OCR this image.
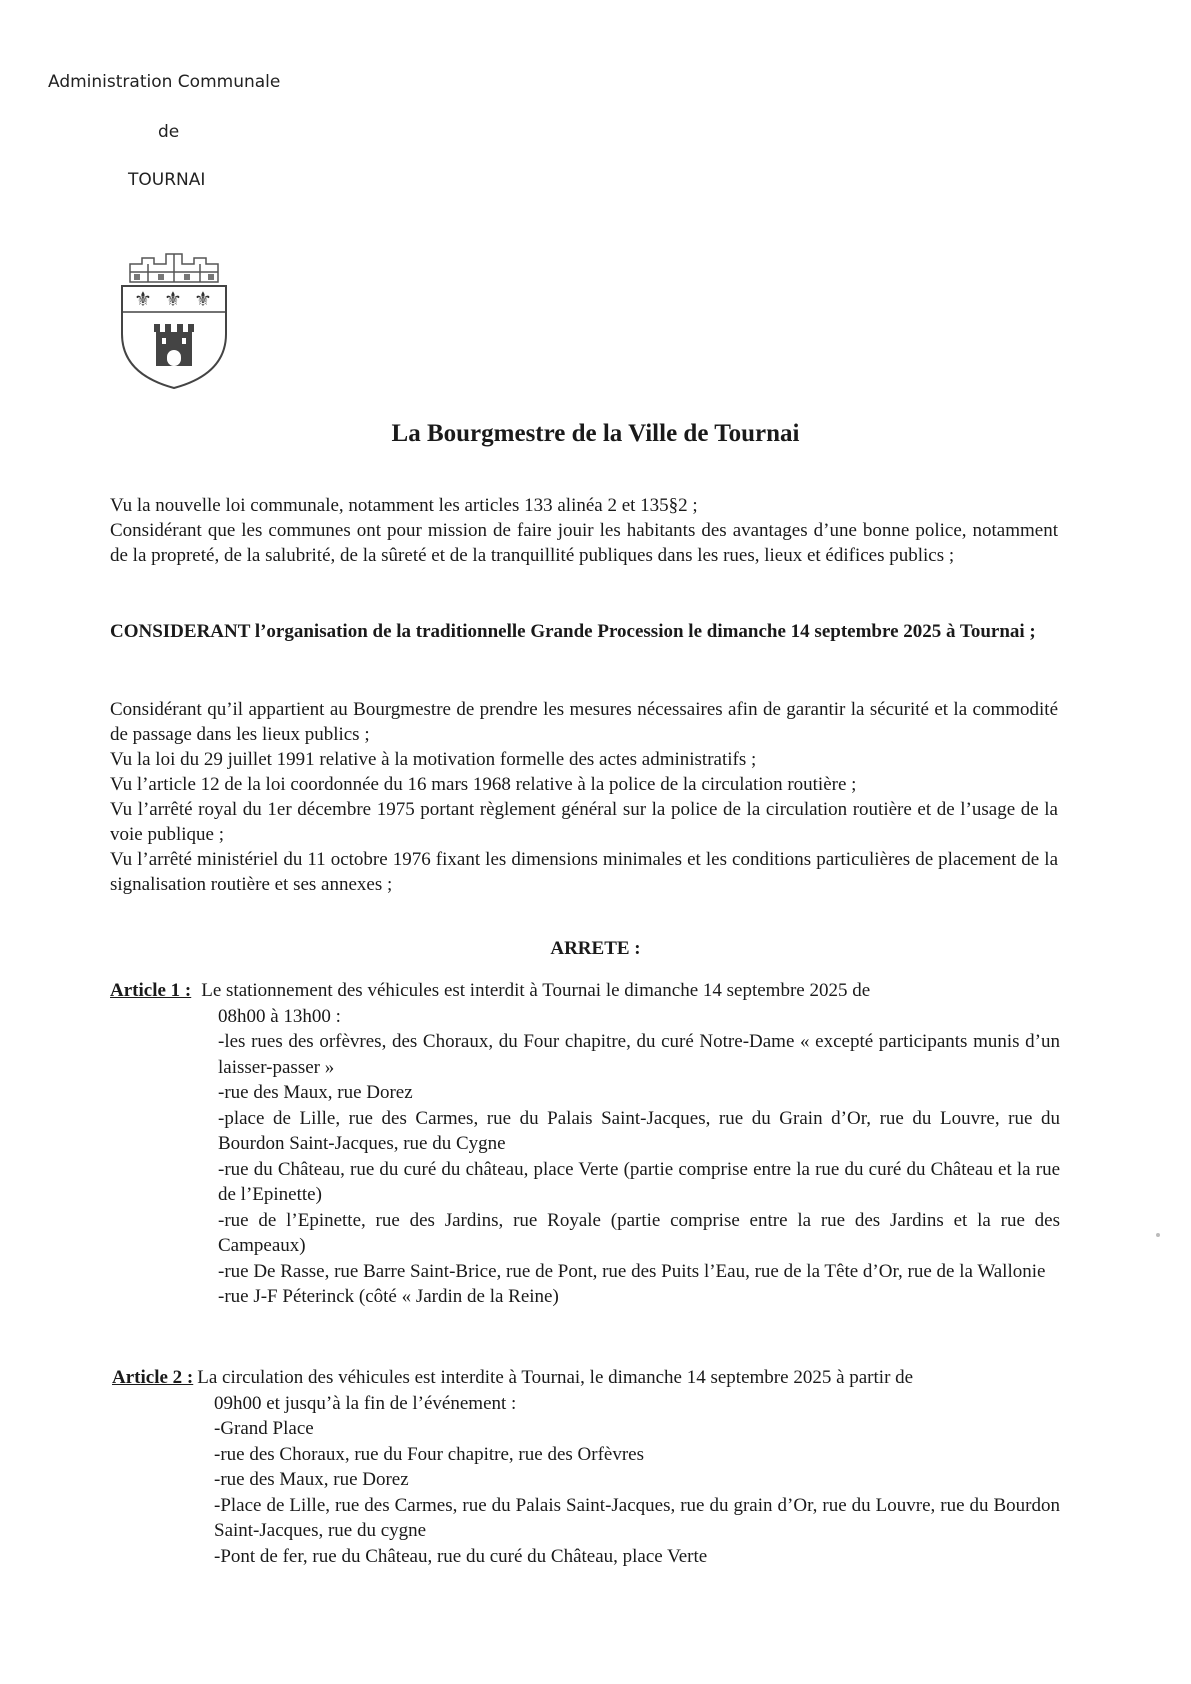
Administration Communale
de
TOURNAI
⚜ ⚜ ⚜
La Bourgmestre de la Ville de Tournai

Vu la nouvelle loi communale, notamment les articles 133 alinéa 2 et 135§2 ;

Considérant que les communes ont pour mission de faire jouir les habitants des avantages d’une bonne police, notamment de la propreté, de la salubrité, de la sûreté et de la tranquillité publiques dans les rues, lieux et édifices publics ;

CONSIDERANT l’organisation de la traditionnelle Grande Procession le dimanche 14 septembre 2025 à Tournai ;

Considérant qu’il appartient au Bourgmestre de prendre les mesures nécessaires afin de garantir la sécurité et la commodité de passage dans les lieux publics ;

Vu la loi du 29 juillet 1991 relative à la motivation formelle des actes administratifs ;

Vu l’article 12 de la loi coordonnée du 16 mars 1968 relative à la police de la circulation routière ;

Vu l’arrêté royal du 1er décembre 1975 portant règlement général sur la police de la circulation routière et de l’usage de la voie publique ;

Vu l’arrêté ministériel du 11 octobre 1976 fixant les dimensions minimales et les conditions particulières de placement de la signalisation routière et ses annexes ;

ARRETE :
Article 1 : Le stationnement des véhicules est interdit à Tournai le dimanche 14 septembre 2025 de
08h00 à 13h00 :

-les rues des orfèvres, des Choraux, du Four chapitre, du curé Notre-Dame « excepté participants munis d’un laisser-passer »

-rue des Maux, rue Dorez

-place de Lille, rue des Carmes, rue du Palais Saint-Jacques, rue du Grain d’Or, rue du Louvre, rue du Bourdon Saint-Jacques, rue du Cygne

-rue du Château, rue du curé du château, place Verte (partie comprise entre la rue du curé du Château et la rue de l’Epinette)

-rue de l’Epinette, rue des Jardins, rue Royale (partie comprise entre la rue des Jardins et la rue des Campeaux)

-rue De Rasse, rue Barre Saint-Brice, rue de Pont, rue des Puits l’Eau, rue de la Tête d’Or, rue de la Wallonie

-rue J-F Péterinck (côté « Jardin de la Reine)

Article 2 : La circulation des véhicules est interdite à Tournai, le dimanche 14 septembre 2025 à partir de
09h00 et jusqu’à la fin de l’événement :

-Grand Place

-rue des Choraux, rue du Four chapitre, rue des Orfèvres

-rue des Maux, rue Dorez

-Place de Lille, rue des Carmes, rue du Palais Saint-Jacques, rue du grain d’Or, rue du Louvre, rue du Bourdon Saint-Jacques, rue du cygne

-Pont de fer, rue du Château, rue du curé du Château, place Verte
